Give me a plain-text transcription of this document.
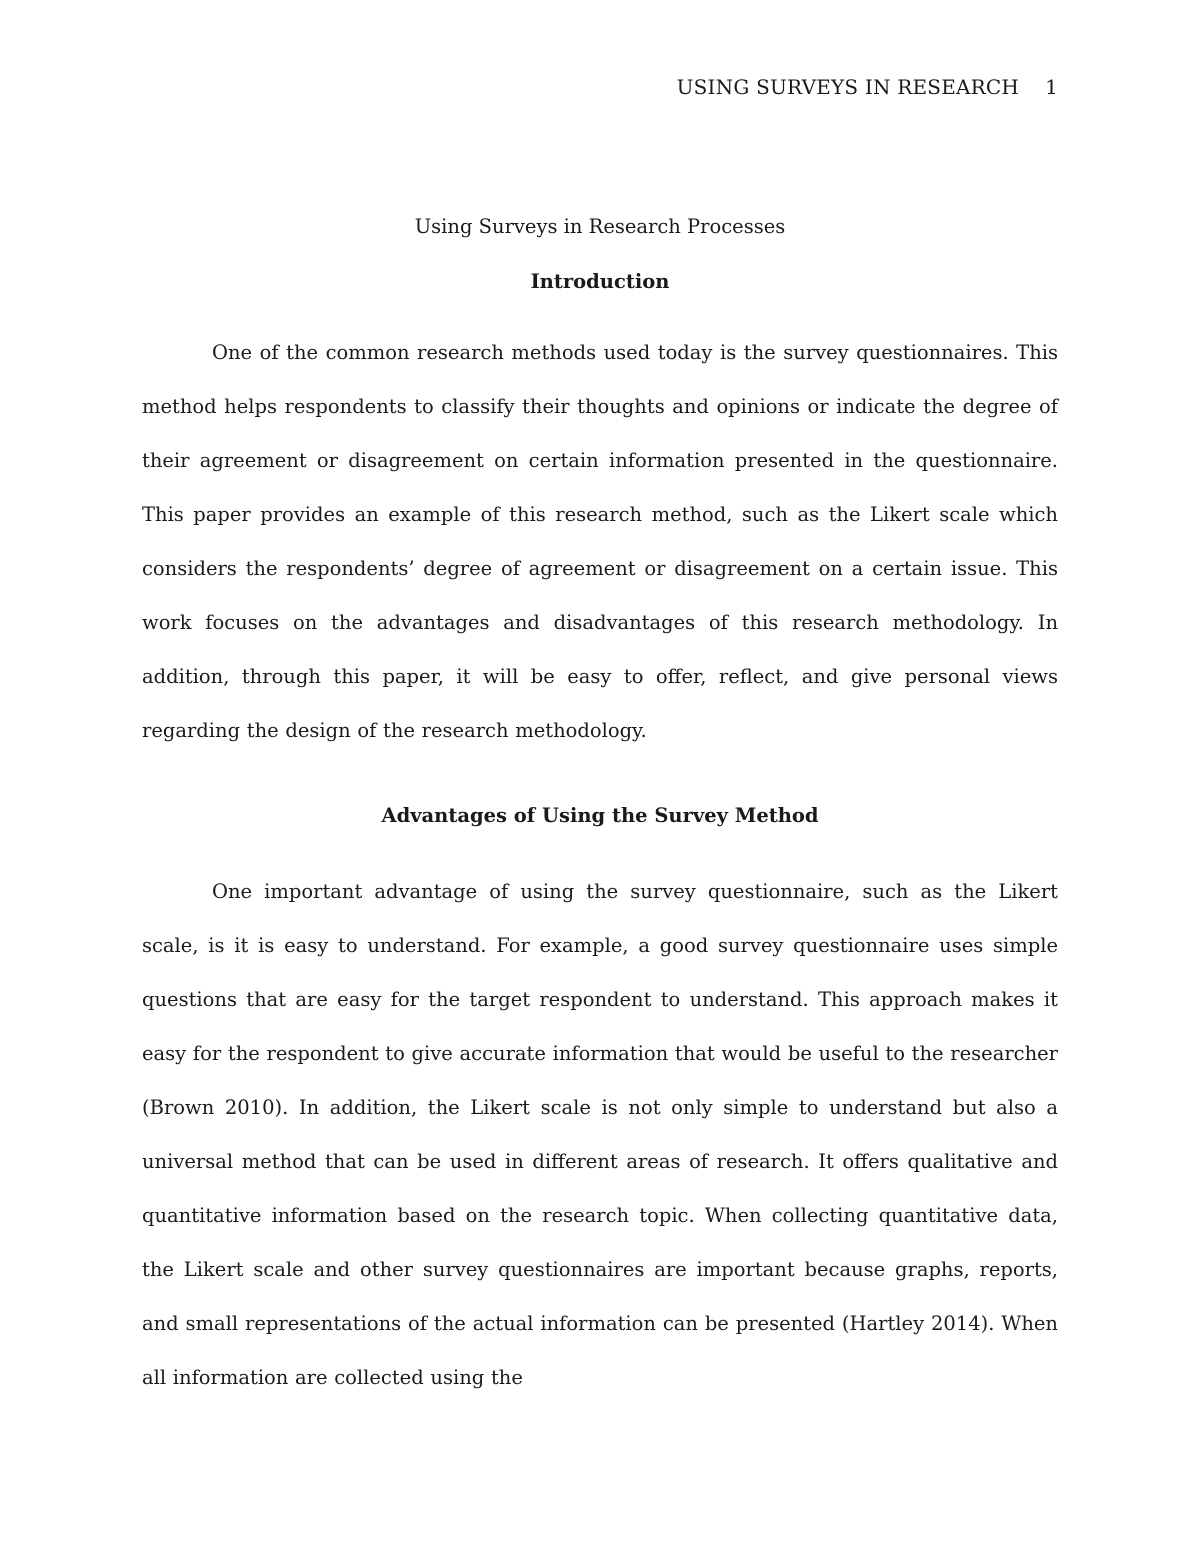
USING SURVEYS IN RESEARCH 1
Using Surveys in Research Processes
Introduction

One of the common research methods used today is the survey questionnaires. This method helps respondents to classify their thoughts and opinions or indicate the degree of their agreement or disagreement on certain information presented in the questionnaire. This paper provides an example of this research method, such as the Likert scale which considers the respondents’ degree of agreement or disagreement on a certain issue. This work focuses on the advantages and disadvantages of this research methodology. In addition, through this paper, it will be easy to offer, reflect, and give personal views regarding the design of the research methodology.

Advantages of Using the Survey Method

One important advantage of using the survey questionnaire, such as the Likert scale, is it is easy to understand. For example, a good survey questionnaire uses simple questions that are easy for the target respondent to understand. This approach makes it easy for the respondent to give accurate information that would be useful to the researcher (Brown 2010). In addition, the Likert scale is not only simple to understand but also a universal method that can be used in different areas of research. It offers qualitative and quantitative information based on the research topic. When collecting quantitative data, the Likert scale and other survey questionnaires are important because graphs, reports, and small representations of the actual information can be presented (Hartley 2014). When all information are collected using the
